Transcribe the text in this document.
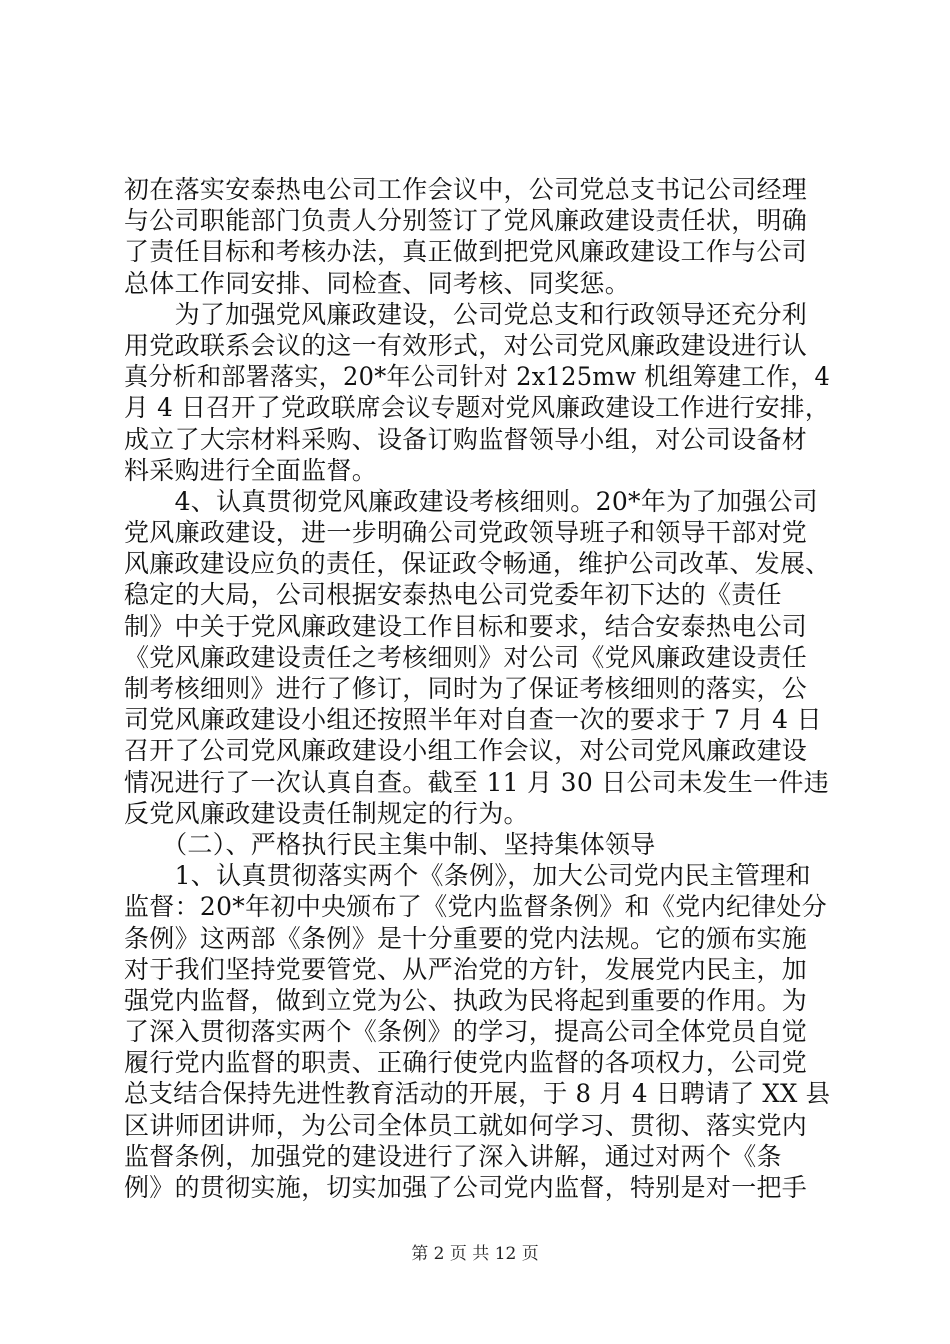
初在落实安泰热电公司工作会议中，公司党总支书记公司经理
与公司职能部门负责人分别签订了党风廉政建设责任状，明确
了责任目标和考核办法，真正做到把党风廉政建设工作与公司
总体工作同安排、同检查、同考核、同奖惩。
　　为了加强党风廉政建设，公司党总支和行政领导还充分利
用党政联系会议的这一有效形式，对公司党风廉政建设进行认
真分析和部署落实，20*年公司针对 2x125mw 机组筹建工作，4
月 4 日召开了党政联席会议专题对党风廉政建设工作进行安排，
成立了大宗材料采购、设备订购监督领导小组，对公司设备材
料采购进行全面监督。
　　4、认真贯彻党风廉政建设考核细则。20*年为了加强公司
党风廉政建设，进一步明确公司党政领导班子和领导干部对党
风廉政建设应负的责任，保证政令畅通，维护公司改革、发展、
稳定的大局，公司根据安泰热电公司党委年初下达的《责任
制》中关于党风廉政建设工作目标和要求，结合安泰热电公司
《党风廉政建设责任之考核细则》对公司《党风廉政建设责任
制考核细则》进行了修订，同时为了保证考核细则的落实，公
司党风廉政建设小组还按照半年对自查一次的要求于 7 月 4 日
召开了公司党风廉政建设小组工作会议，对公司党风廉政建设
情况进行了一次认真自查。截至 11 月 30 日公司未发生一件违
反党风廉政建设责任制规定的行为。
　　（二）、严格执行民主集中制、坚持集体领导
　　1、认真贯彻落实两个《条例》，加大公司党内民主管理和
监督：20*年初中央颁布了《党内监督条例》和《党内纪律处分
条例》这两部《条例》是十分重要的党内法规。它的颁布实施
对于我们坚持党要管党、从严治党的方针，发展党内民主，加
强党内监督，做到立党为公、执政为民将起到重要的作用。为
了深入贯彻落实两个《条例》的学习，提高公司全体党员自觉
履行党内监督的职责、正确行使党内监督的各项权力，公司党
总支结合保持先进性教育活动的开展，于 8 月 4 日聘请了 XX 县
区讲师团讲师，为公司全体员工就如何学习、贯彻、落实党内
监督条例，加强党的建设进行了深入讲解，通过对两个《条
例》的贯彻实施，切实加强了公司党内监督，特别是对一把手
第 2 页 共 12 页
